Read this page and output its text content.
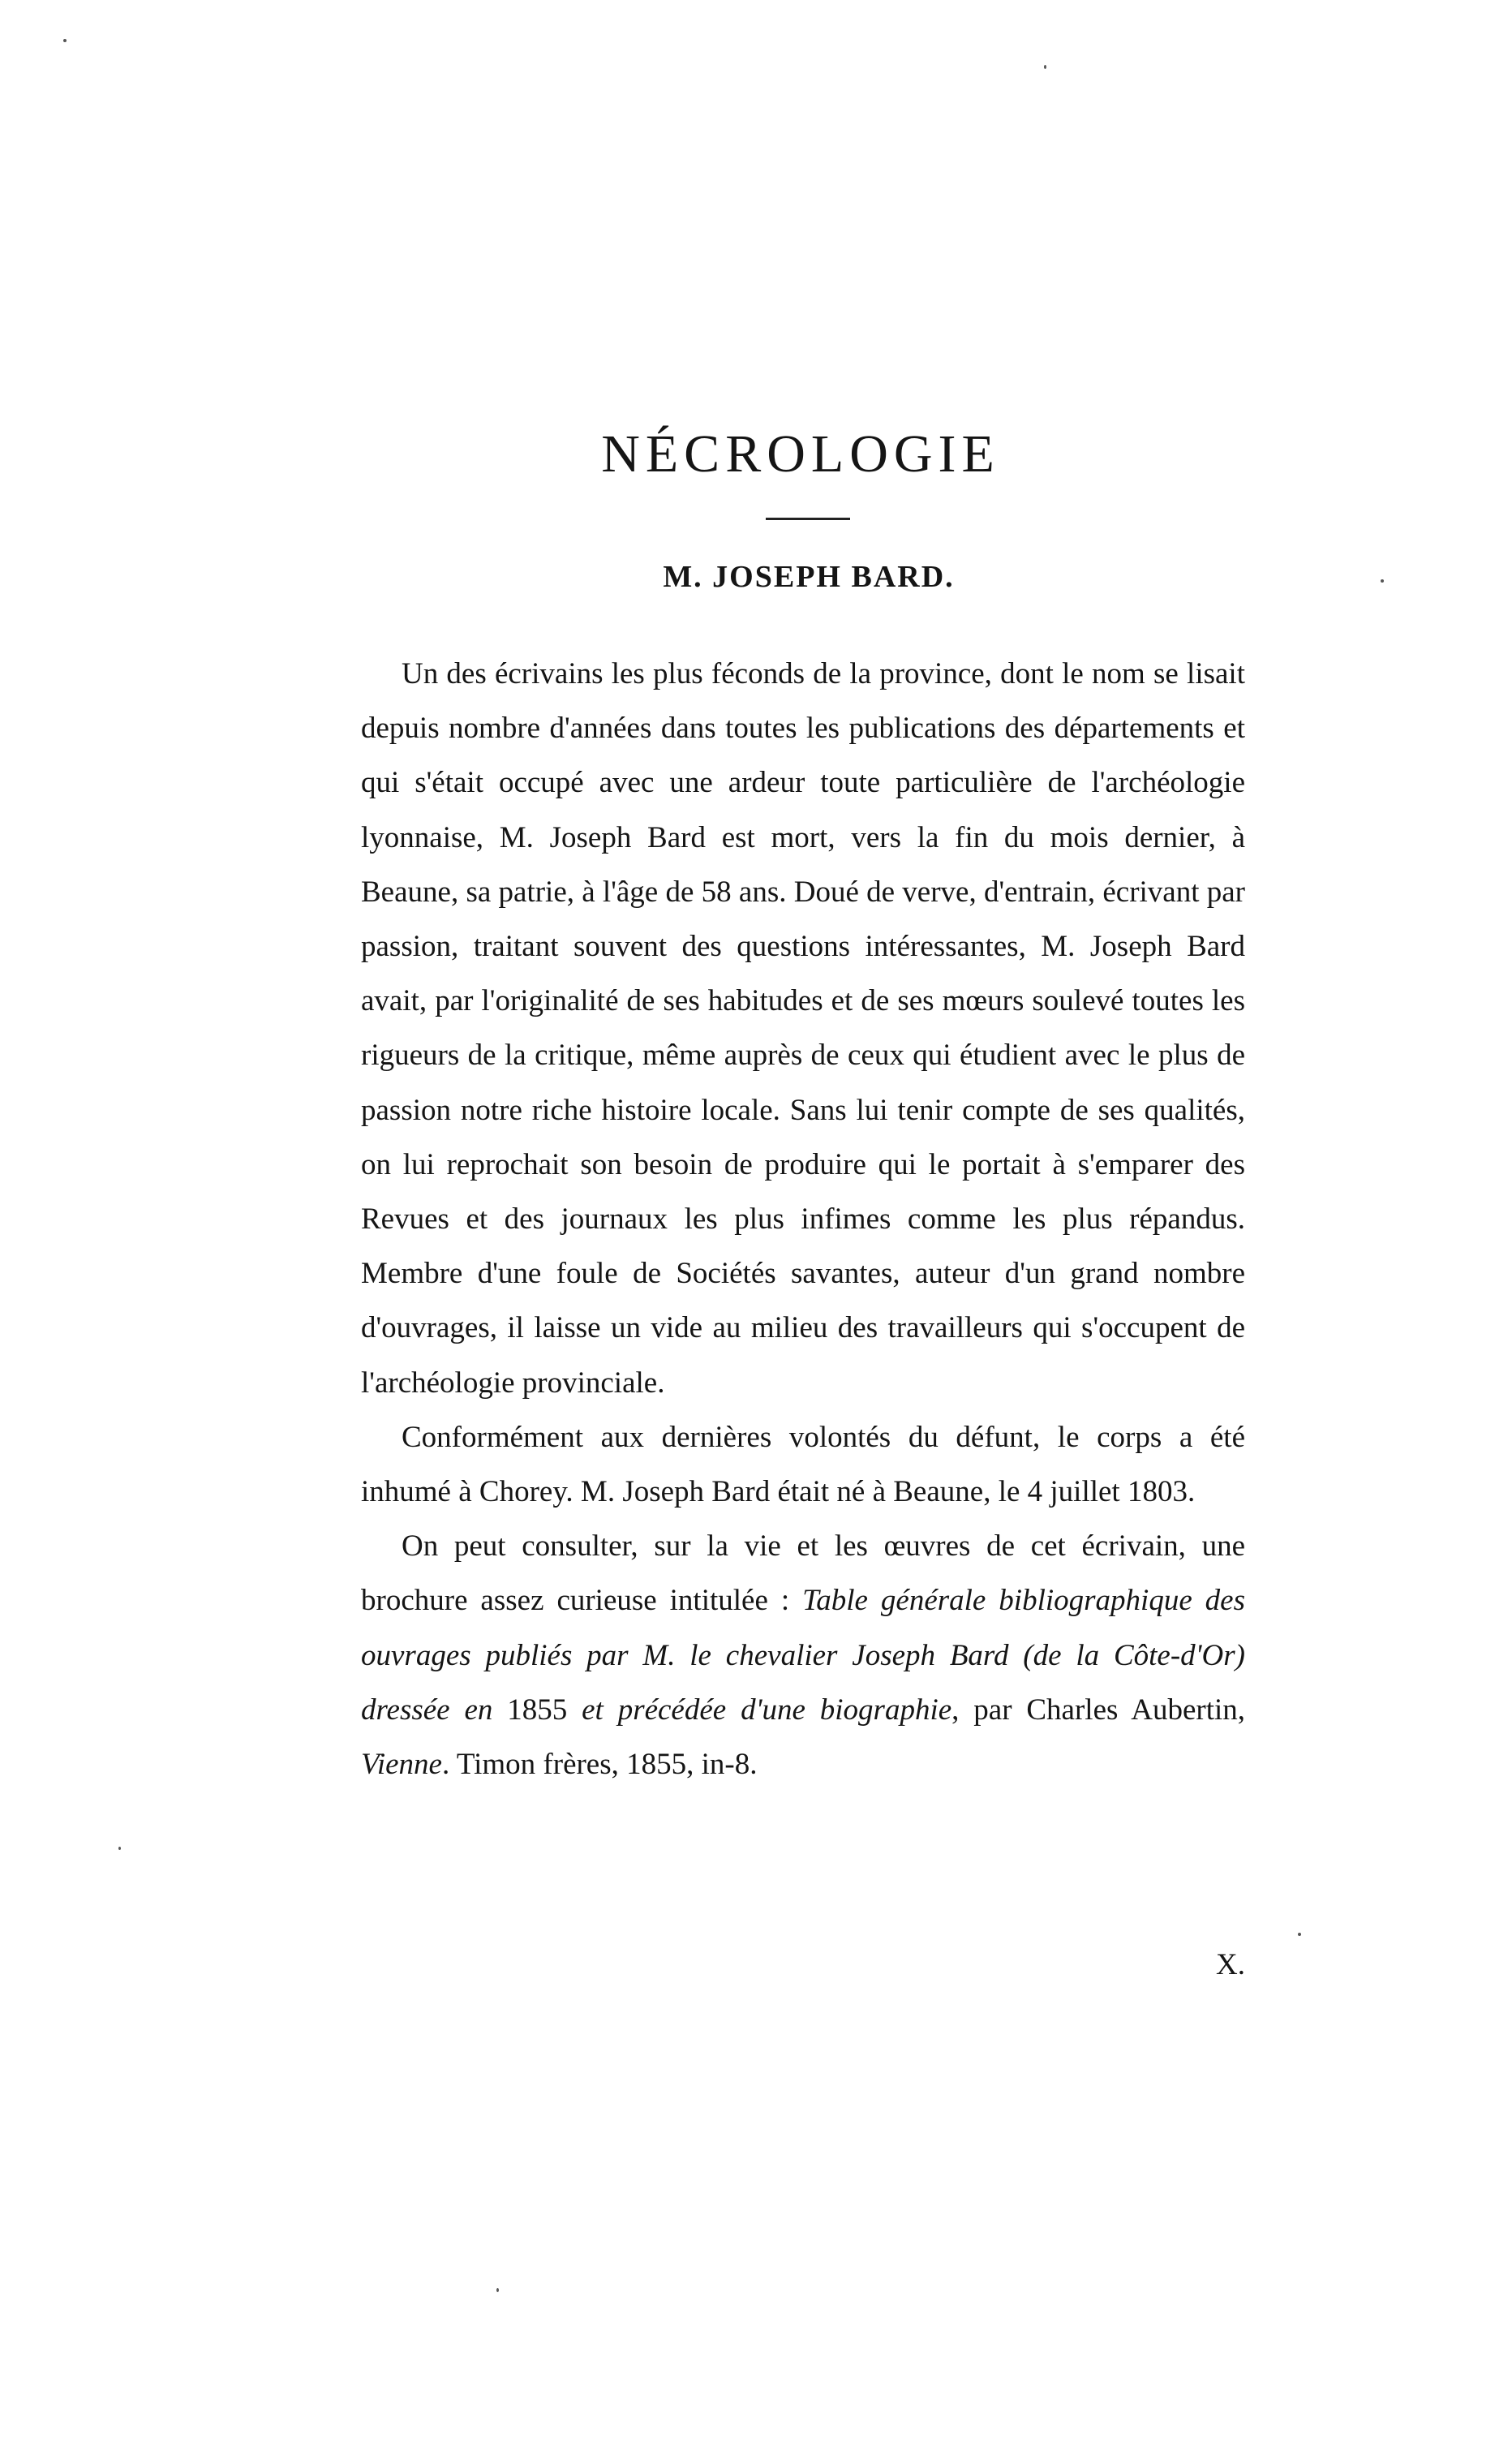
NÉCROLOGIE
M. JOSEPH BARD.

Un des écrivains les plus féconds de la province, dont le nom se lisait depuis nombre d'années dans toutes les publications des départements et qui s'était occupé avec une ardeur toute particulière de l'archéologie lyonnaise, M. Joseph Bard est mort, vers la fin du mois dernier, à Beaune, sa patrie, à l'âge de 58 ans. Doué de verve, d'entrain, écrivant par passion, traitant souvent des questions intéressantes, M. Joseph Bard avait, par l'originalité de ses habitudes et de ses mœurs soulevé toutes les rigueurs de la critique, même auprès de ceux qui étudient avec le plus de passion notre riche histoire locale. Sans lui tenir compte de ses qualités, on lui reprochait son besoin de produire qui le portait à s'emparer des Revues et des journaux les plus infimes comme les plus répandus. Membre d'une foule de Sociétés savantes, auteur d'un grand nombre d'ouvrages, il laisse un vide au milieu des travailleurs qui s'occupent de l'archéologie provinciale.

Conformément aux dernières volontés du défunt, le corps a été inhumé à Chorey. M. Joseph Bard était né à Beaune, le 4 juillet 1803.

On peut consulter, sur la vie et les œuvres de cet écrivain, une brochure assez curieuse intitulée : Table générale bibliographique des ouvrages publiés par M. le chevalier Joseph Bard (de la Côte-d'Or) dressée en 1855 et précédée d'une biographie, par Charles Aubertin, Vienne. Timon frères, 1855, in-8.

X.
